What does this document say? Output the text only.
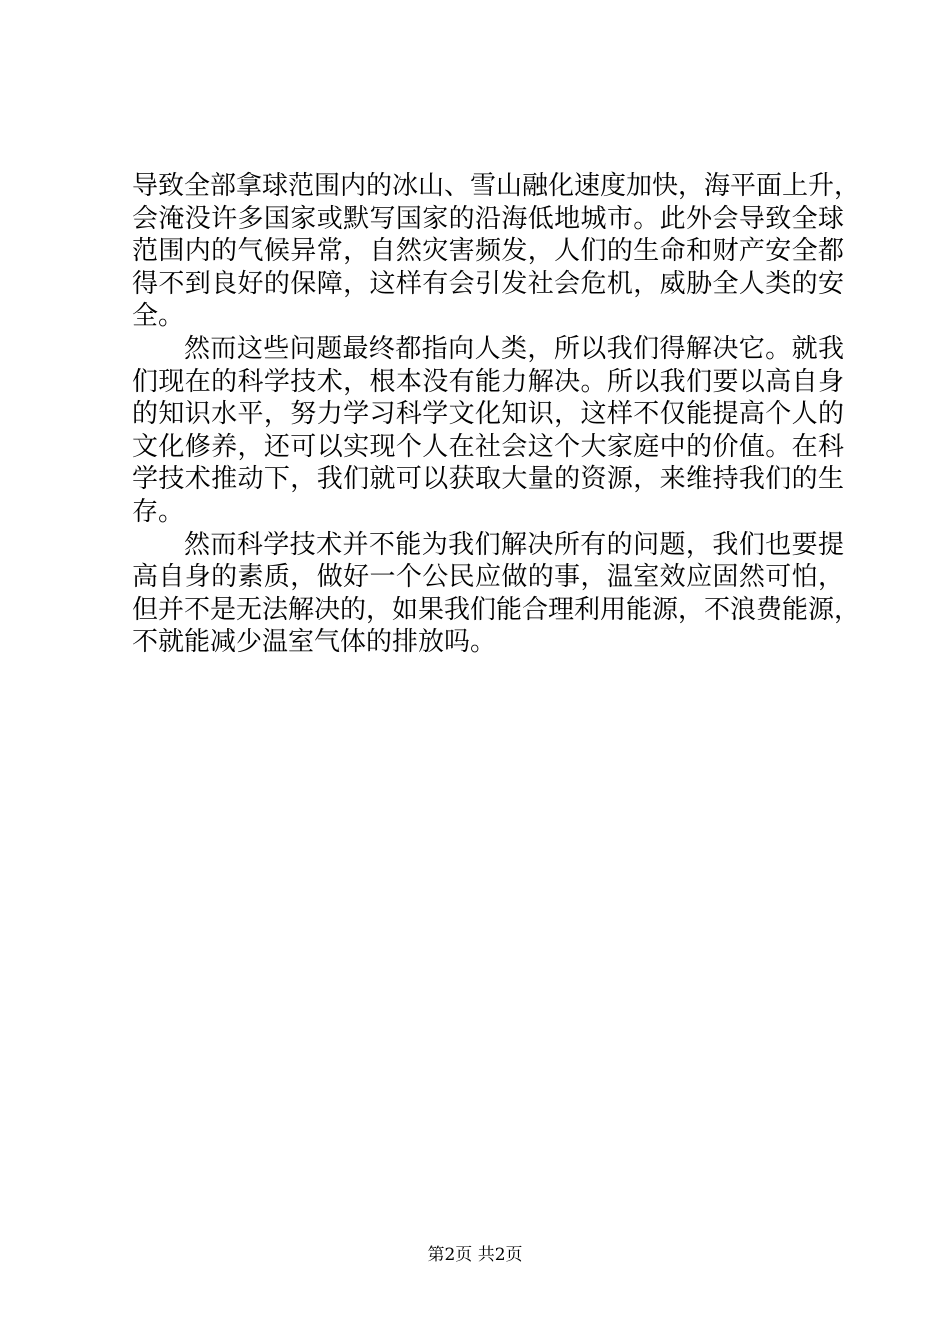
导致全部拿球范围内的冰山、雪山融化速度加快，海平面上升，
会淹没许多国家或默写国家的沿海低地城市。此外会导致全球
范围内的气候异常，自然灾害频发，人们的生命和财产安全都
得不到良好的保障，这样有会引发社会危机，威胁全人类的安
全。
然而这些问题最终都指向人类，所以我们得解决它。就我
们现在的科学技术，根本没有能力解决。所以我们要以高自身
的知识水平，努力学习科学文化知识，这样不仅能提高个人的
文化修养，还可以实现个人在社会这个大家庭中的价值。在科
学技术推动下，我们就可以获取大量的资源，来维持我们的生
存。
然而科学技术并不能为我们解决所有的问题，我们也要提
高自身的素质，做好一个公民应做的事，温室效应固然可怕，
但并不是无法解决的，如果我们能合理利用能源，不浪费能源，
不就能减少温室气体的排放吗。
第2页 共2页
